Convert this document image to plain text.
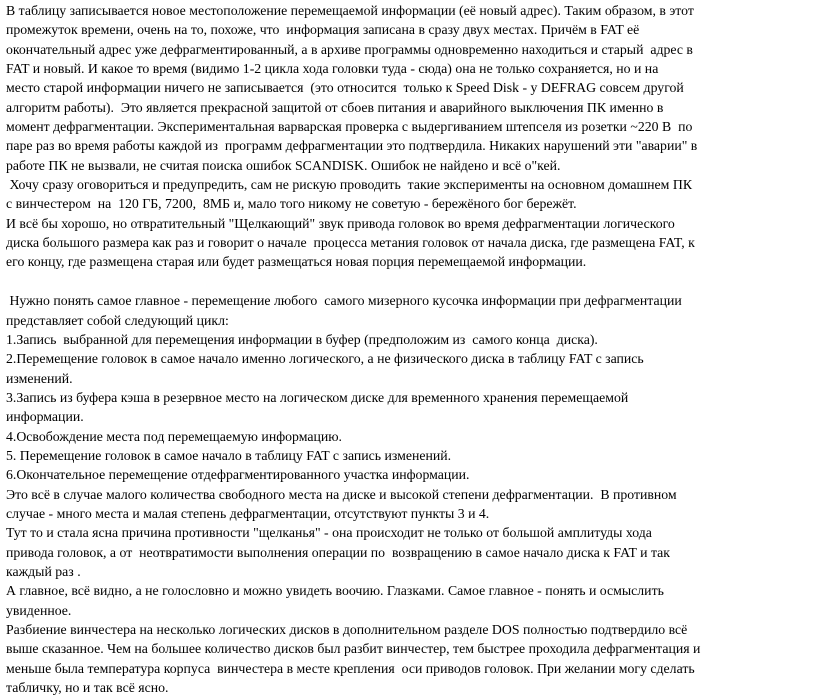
В таблицу записывается новое местоположение перемещаемой информации (её новый адрес). Таким образом, в этот
промежуток времени, очень на то, похоже, что  информация записана в сразу двух местах. Причём в FAT её
окончательный адрес уже дефрагментированный, а в архиве программы одновременно находиться и старый  адрес в
FAT и новый. И какое то время (видимо 1-2 цикла хода головки туда - сюда) она не только сохраняется, но и на
место старой информации ничего не записывается  (это относится  только к Speed Disk - у DEFRAG совсем другой
алгоритм работы).  Это является прекрасной защитой от сбоев питания и аварийного выключения ПК именно в
момент дефрагментации. Экспериментальная варварская проверка с выдергиванием штепселя из розетки ~220 В  по
паре раз во время работы каждой из  программ дефрагментации это подтвердила. Никаких нарушений эти "аварии" в
работе ПК не вызвали, не считая поиска ошибок SCANDISK. Ошибок не найдено и всё о"кей.
Хочу сразу оговориться и предупредить, сам не рискую проводить  такие эксперименты на основном домашнем ПК
с винчестером  на  120 ГБ, 7200,  8МБ и, мало того никому не советую - бережёного бог бережёт.
И всё бы хорошо, но отвратительный "Щелкающий" звук привода головок во время дефрагментации логического
диска большого размера как раз и говорит о начале  процесса метания головок от начала диска, где размещена FAT, к
его концу, где размещена старая или будет размещаться новая порция перемещаемой информации.
Нужно понять самое главное - перемещение любого  самого мизерного кусочка информации при дефрагментации
представляет собой следующий цикл:
1.Запись  выбранной для перемещения информации в буфер (предположим из  самого конца  диска).
2.Перемещение головок в самое начало именно логического, а не физического диска в таблицу FAT с запись
изменений.
3.Запись из буфера кэша в резервное место на логическом диске для временного хранения перемещаемой
информации.
4.Освобождение места под перемещаемую информацию.
5. Перемещение головок в самое начало в таблицу FAT с запись изменений.
6.Окончательное перемещение отдефрагментированного участка информации.
Это всё в случае малого количества свободного места на диске и высокой степени дефрагментации.  В противном
случае - много места и малая степень дефрагментации, отсутствуют пункты 3 и 4.
Тут то и стала ясна причина противности "щелканья" - она происходит не только от большой амплитуды хода
привода головок, а от  неотвратимости выполнения операции по  возвращению в самое начало диска к FAT и так
каждый раз .
А главное, всё видно, а не голословно и можно увидеть воочию. Глазками. Самое главное - понять и осмыслить
увиденное.
Разбиение винчестера на несколько логических дисков в дополнительном разделе DOS полностью подтвердило всё
выше сказанное. Чем на большее количество дисков был разбит винчестер, тем быстрее проходила дефрагментация и
меньше была температура корпуса  винчестера в месте крепления  оси приводов головок. При желании могу сделать
табличку, но и так всё ясно.
